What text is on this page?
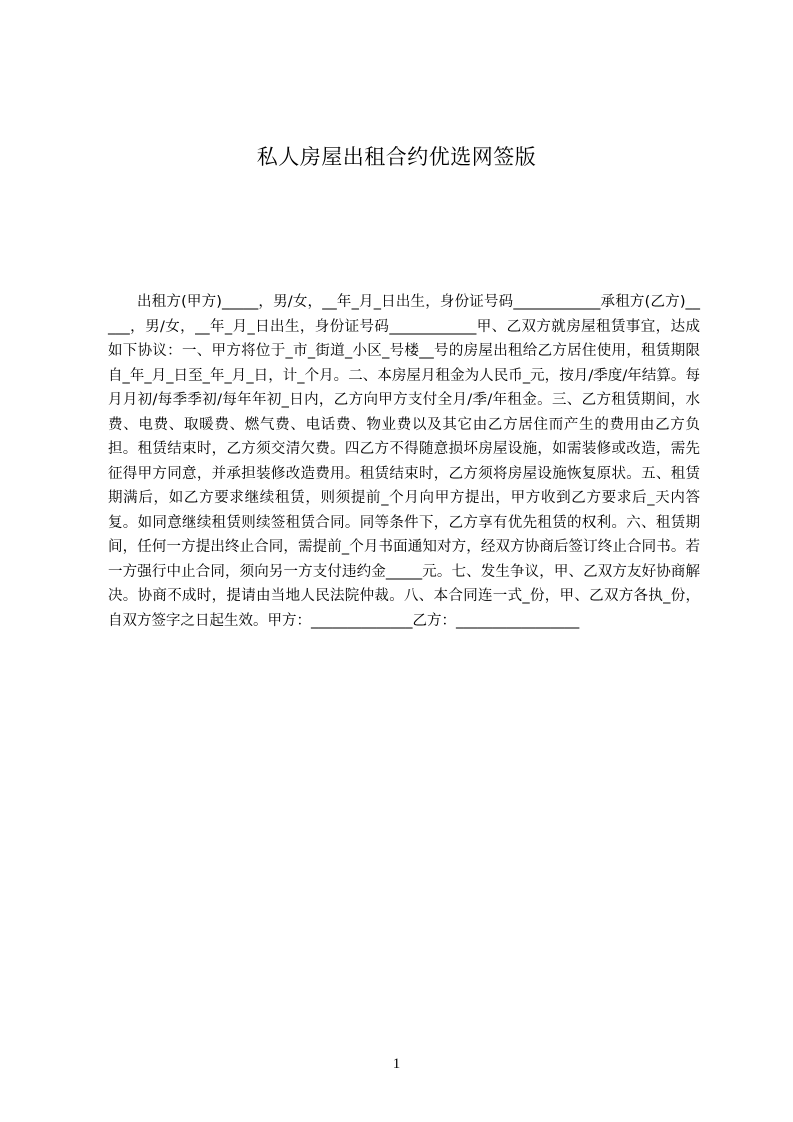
私人房屋出租合约优选网签版

出租方(甲方)_____，男/女，__年_月_日出生，身份证号码____________承租方(乙方)_____，男/女，__年_月_日出生，身份证号码____________甲、乙双方就房屋租赁事宜，达成如下协议：一、甲方将位于_市_街道_小区_号楼__号的房屋出租给乙方居住使用，租赁期限自_年_月_日至_年_月_日，计_个月。二、本房屋月租金为人民币_元，按月/季度/年结算。每月月初/每季季初/每年年初_日内，乙方向甲方支付全月/季/年租金。三、乙方租赁期间，水费、电费、取暖费、燃气费、电话费、物业费以及其它由乙方居住而产生的费用由乙方负担。租赁结束时，乙方须交清欠费。四乙方不得随意损坏房屋设施，如需装修或改造，需先征得甲方同意，并承担装修改造费用。租赁结束时，乙方须将房屋设施恢复原状。五、租赁期满后，如乙方要求继续租赁，则须提前_个月向甲方提出，甲方收到乙方要求后_天内答复。如同意继续租赁则续签租赁合同。同等条件下，乙方享有优先租赁的权利。六、租赁期间，任何一方提出终止合同，需提前_个月书面通知对方，经双方协商后签订终止合同书。若一方强行中止合同，须向另一方支付违约金_____元。七、发生争议，甲、乙双方友好协商解决。协商不成时，提请由当地人民法院仲裁。八、本合同连一式_份，甲、乙双方各执_份，自双方签字之日起生效。甲方：______________乙方：_________________

1
